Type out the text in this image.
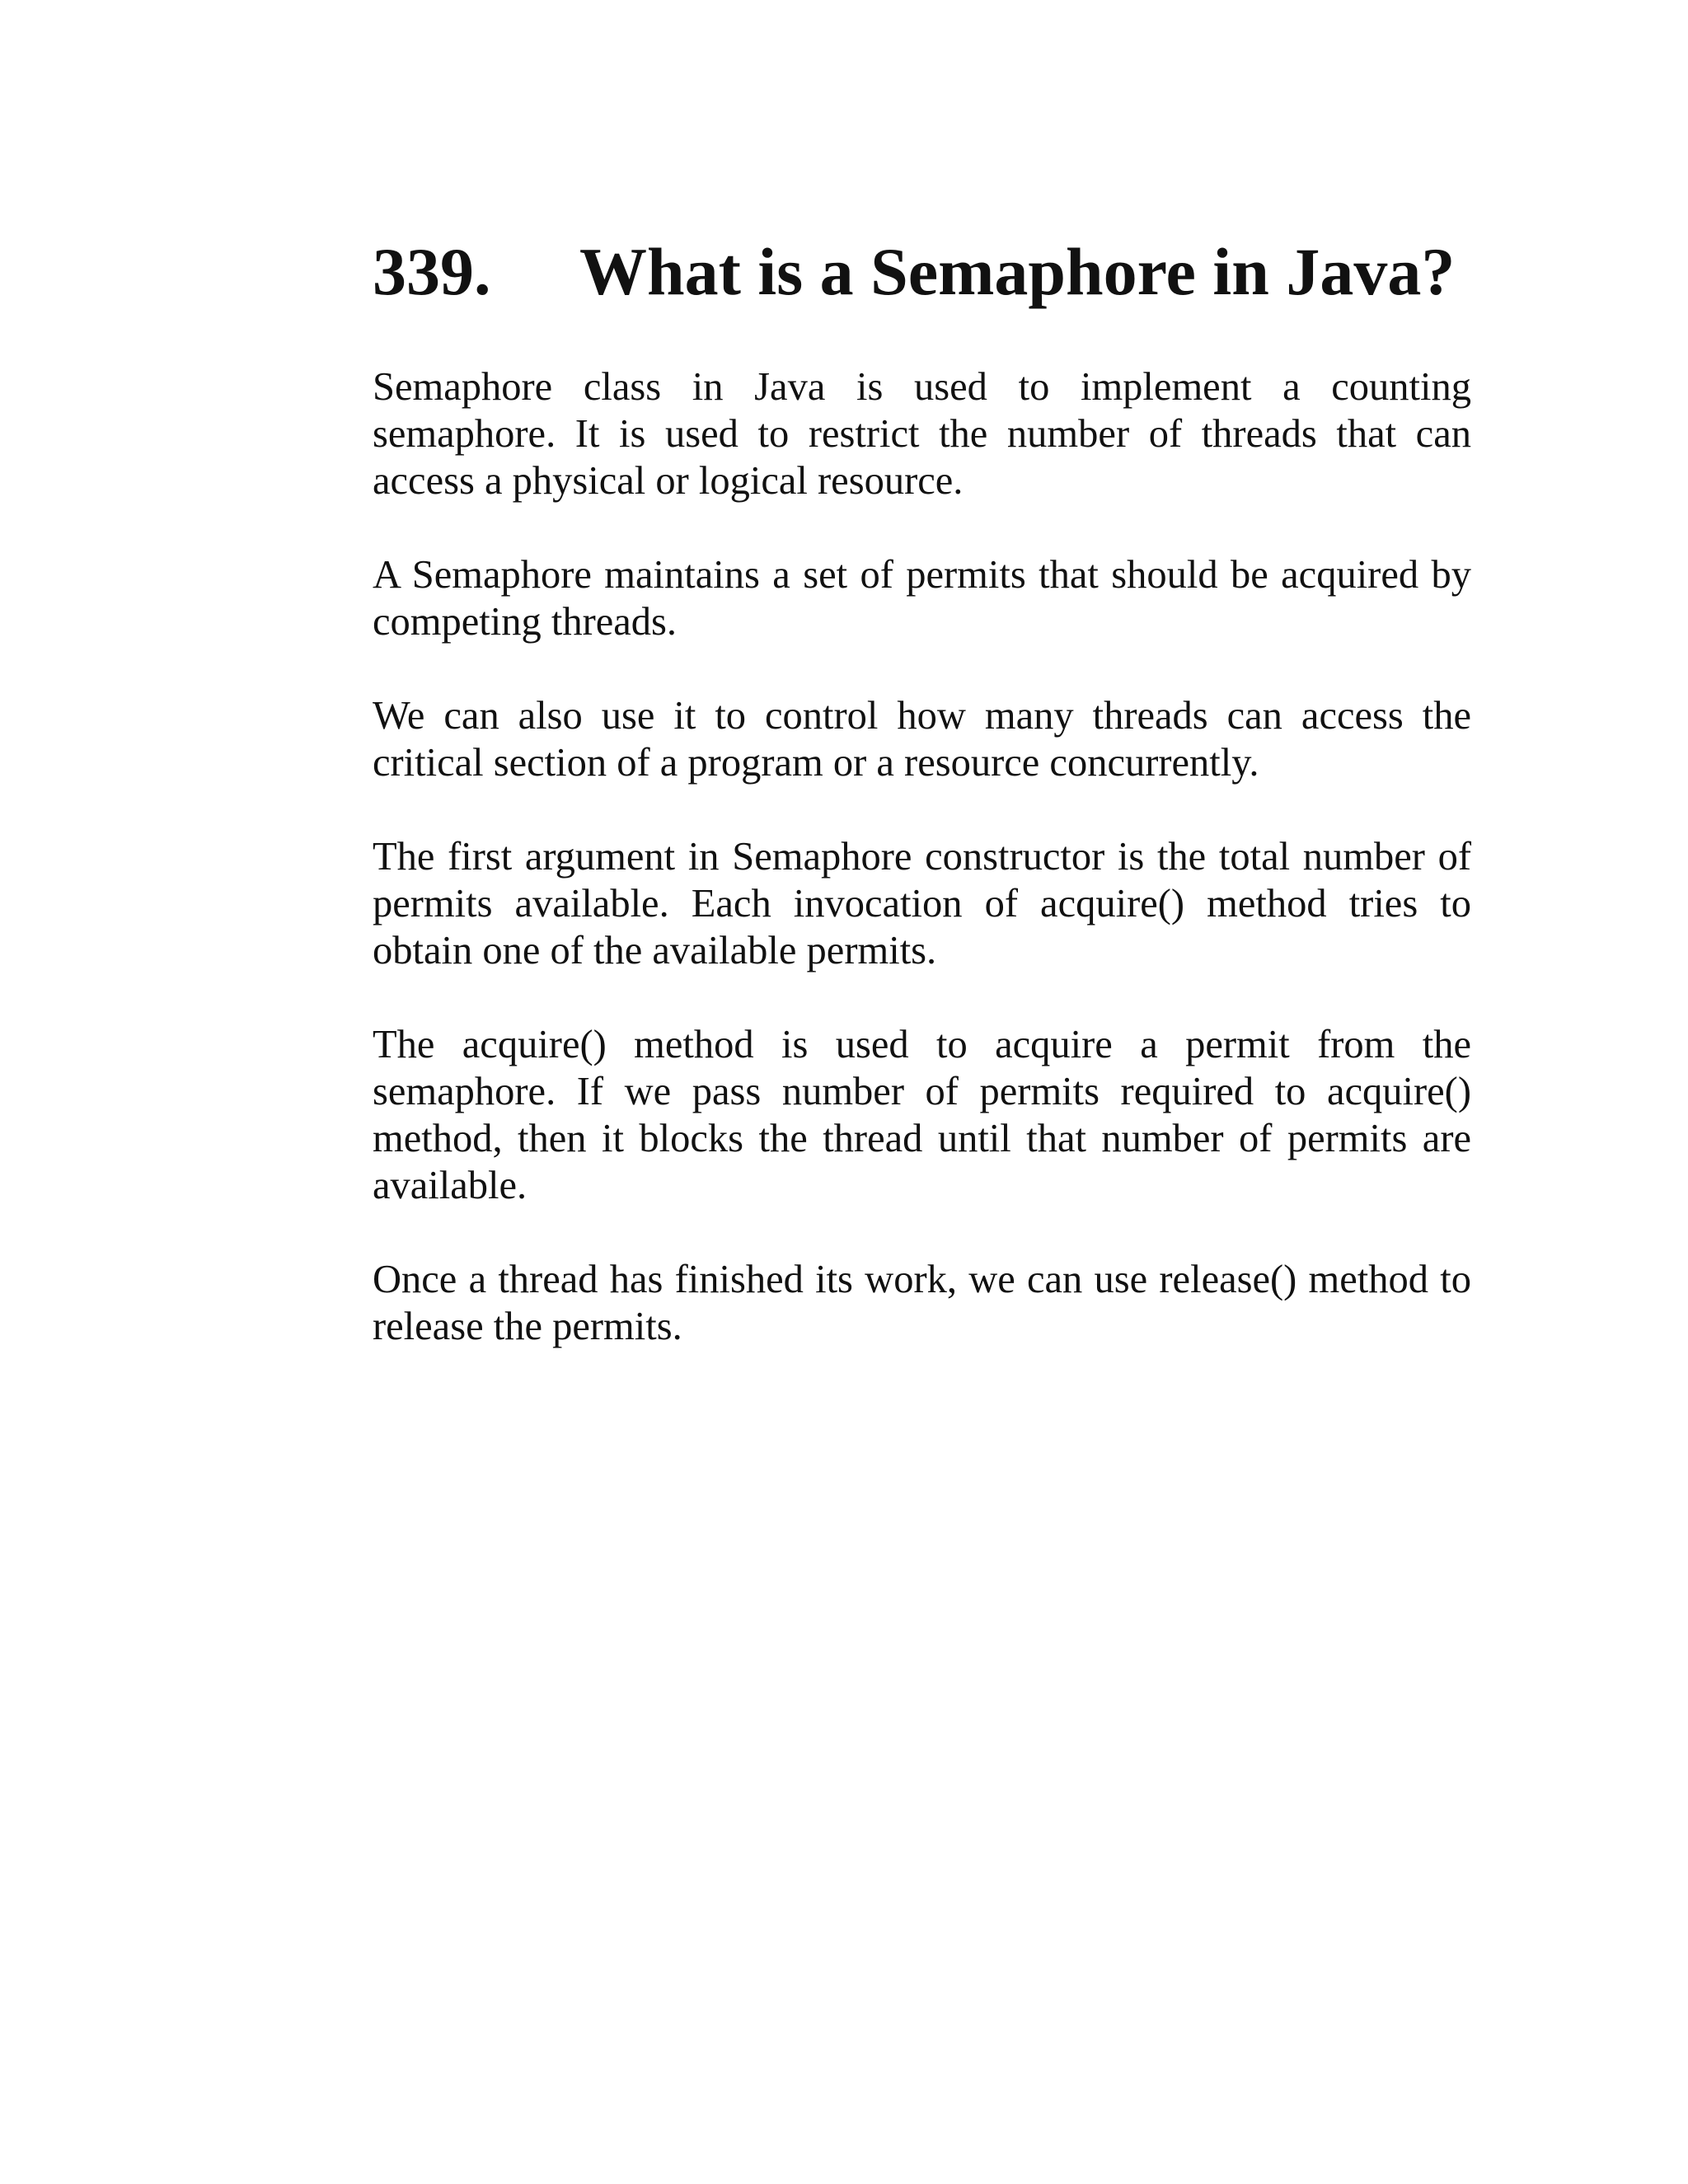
339. What is a Semaphore in Java?

Semaphore class in Java is used to implement a counting semaphore. It is used to restrict the number of threads that can access a physical or logical resource.

A Semaphore maintains a set of permits that should be acquired by competing threads.

We can also use it to control how many threads can access the critical section of a program or a resource concurrently.

The first argument in Semaphore constructor is the total number of permits available. Each invocation of acquire() method tries to obtain one of the available permits.

The acquire() method is used to acquire a permit from the semaphore. If we pass number of permits required to acquire() method, then it blocks the thread until that number of permits are available.

Once a thread has finished its work, we can use release() method to release the permits.
